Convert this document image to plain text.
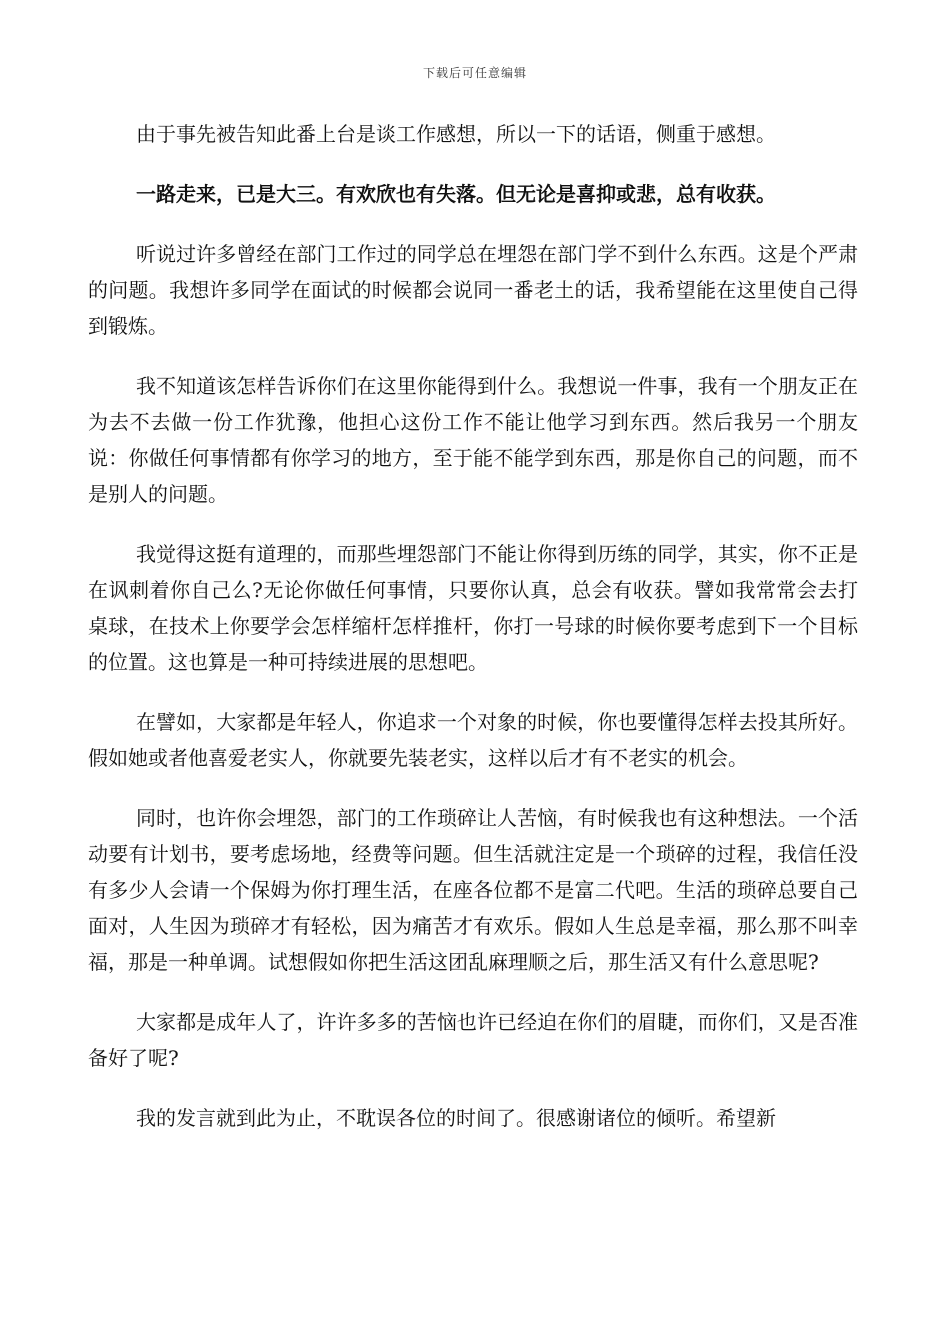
下载后可任意编辑

由于事先被告知此番上台是谈工作感想，所以一下的话语，侧重于感想。

一路走来，已是大三。有欢欣也有失落。但无论是喜抑或悲，总有收获。

听说过许多曾经在部门工作过的同学总在埋怨在部门学不到什么东西。这是个严肃的问题。我想许多同学在面试的时候都会说同一番老土的话，我希望能在这里使自己得到锻炼。

我不知道该怎样告诉你们在这里你能得到什么。我想说一件事，我有一个朋友正在为去不去做一份工作犹豫，他担心这份工作不能让他学习到东西。然后我另一个朋友说：你做任何事情都有你学习的地方，至于能不能学到东西，那是你自己的问题，而不是别人的问题。

我觉得这挺有道理的，而那些埋怨部门不能让你得到历练的同学，其实，你不正是在讽刺着你自己么?无论你做任何事情，只要你认真，总会有收获。譬如我常常会去打桌球，在技术上你要学会怎样缩杆怎样推杆，你打一号球的时候你要考虑到下一个目标的位置。这也算是一种可持续进展的思想吧。

在譬如，大家都是年轻人，你追求一个对象的时候，你也要懂得怎样去投其所好。假如她或者他喜爱老实人，你就要先装老实，这样以后才有不老实的机会。

同时，也许你会埋怨，部门的工作琐碎让人苦恼，有时候我也有这种想法。一个活动要有计划书，要考虑场地，经费等问题。但生活就注定是一个琐碎的过程，我信任没有多少人会请一个保姆为你打理生活，在座各位都不是富二代吧。生活的琐碎总要自己面对，人生因为琐碎才有轻松，因为痛苦才有欢乐。假如人生总是幸福，那么那不叫幸福，那是一种单调。试想假如你把生活这团乱麻理顺之后，那生活又有什么意思呢?

大家都是成年人了，许许多多的苦恼也许已经迫在你们的眉睫，而你们，又是否准备好了呢?

我的发言就到此为止，不耽误各位的时间了。很感谢诸位的倾听。希望新
